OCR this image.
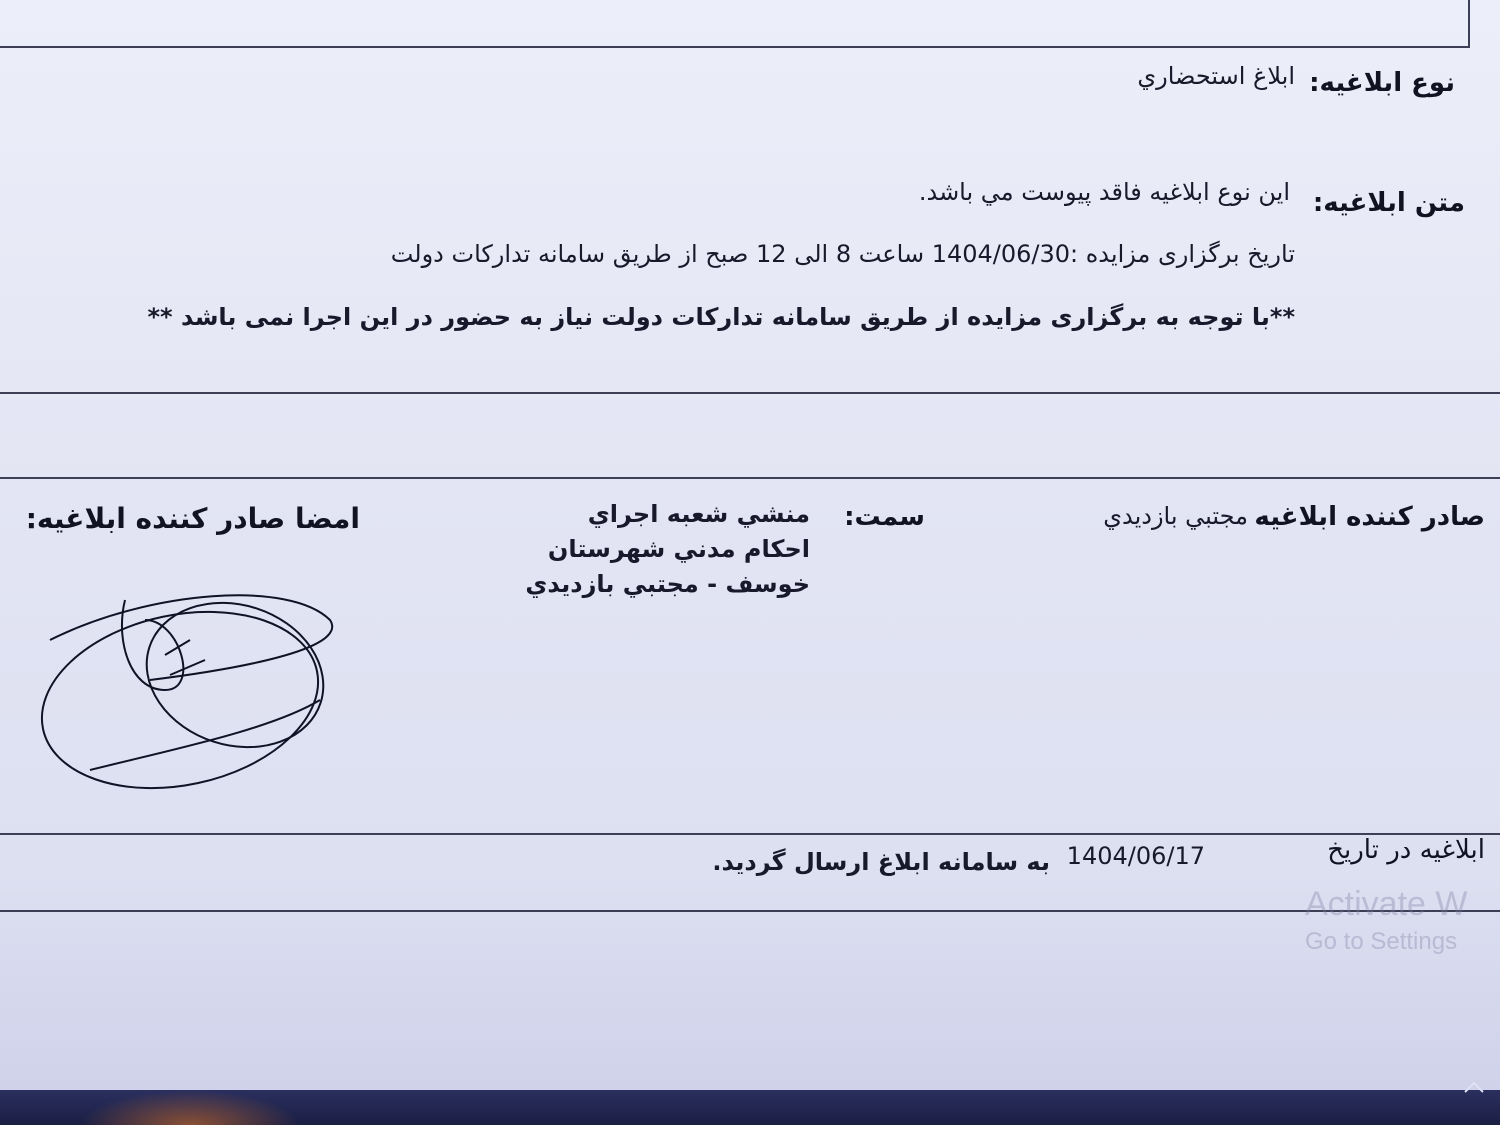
نوع ابلاغيه:
ابلاغ استحضاري
متن ابلاغيه:
اين نوع ابلاغيه فاقد پيوست مي باشد.
تاريخ برگزاری مزايده :1404/06/30 ساعت 8 الی 12 صبح از طريق سامانه تدارکات دولت
**با توجه به برگزاری مزايده از طريق سامانه تدارکات دولت نياز به حضور در اين اجرا نمی باشد **
صادر کننده ابلاغيه
مجتبي بازديدي
سمت:
منشي شعبه اجراي
احکام مدني شهرستان
خوسف - مجتبي بازديدي
امضا صادر کننده ابلاغيه:
ابلاغيه در تاريخ
1404/06/17
به سامانه ابلاغ ارسال گرديد.
Activate W
Go to Settings
